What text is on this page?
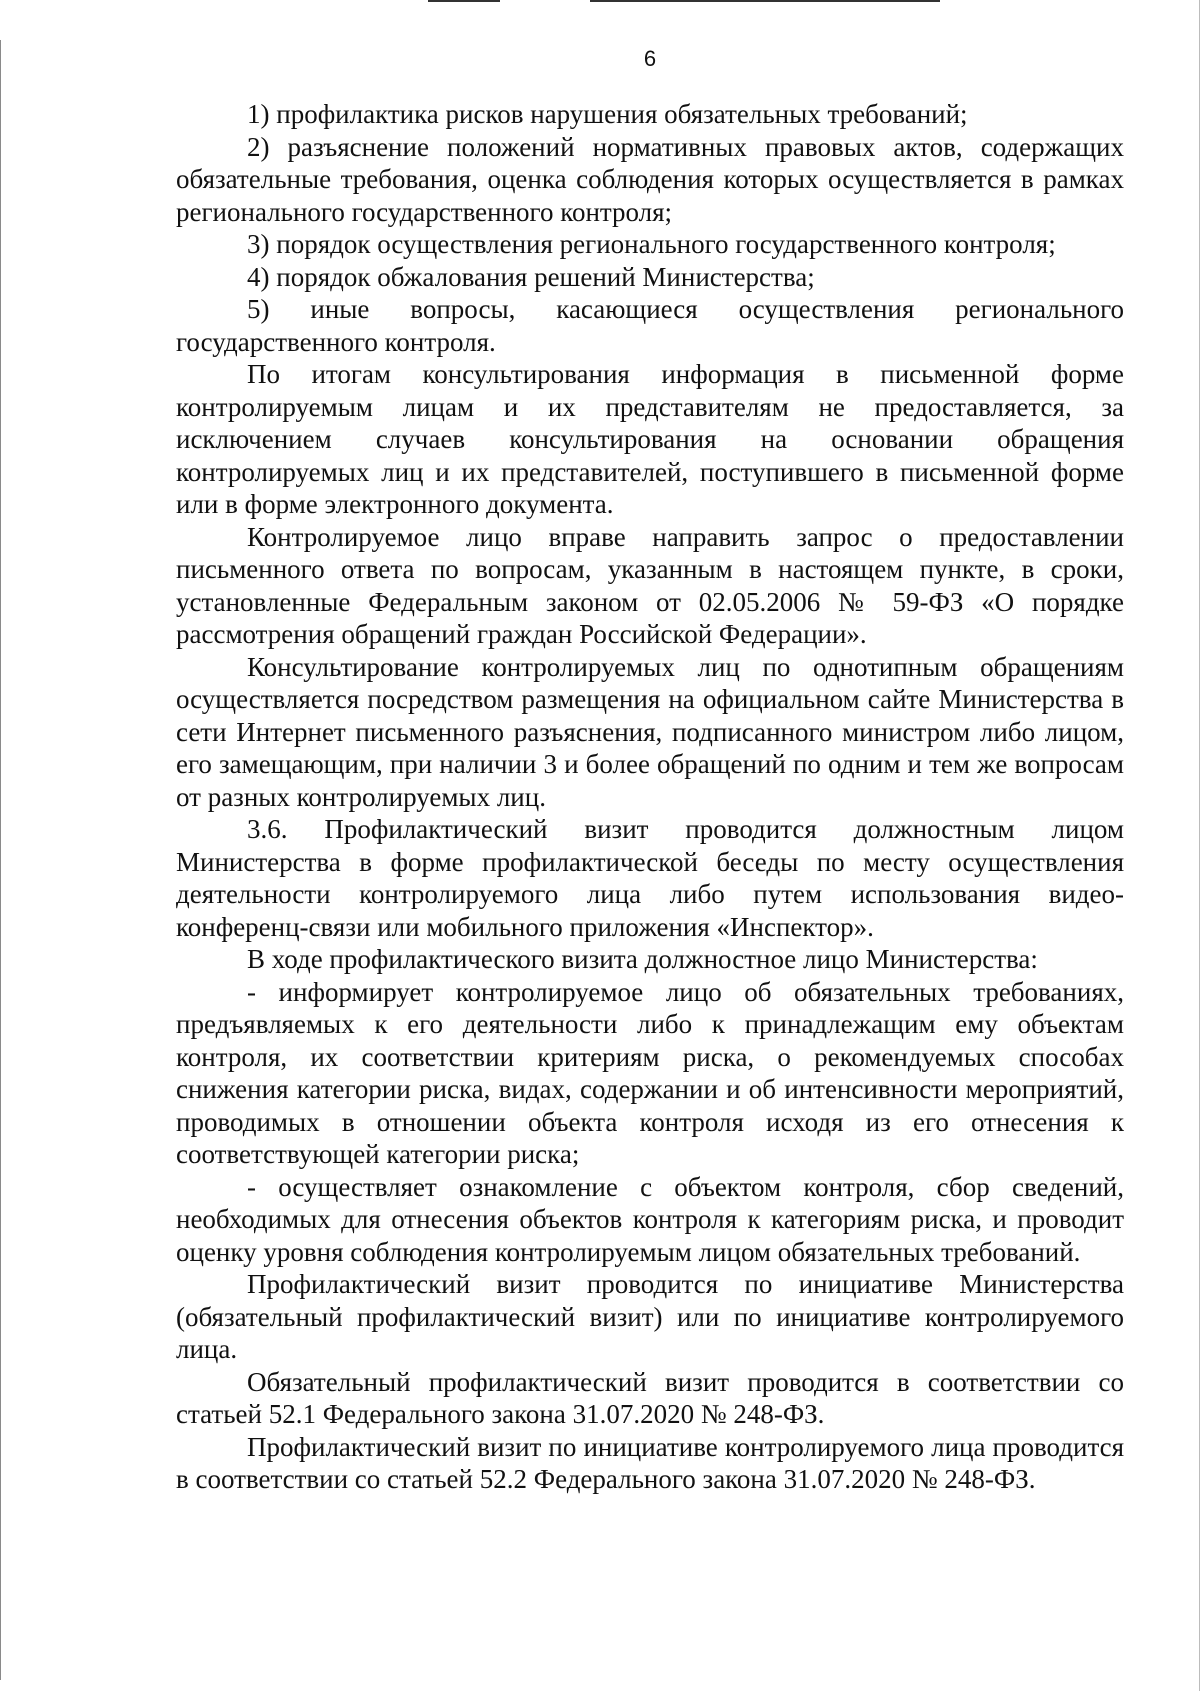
6

1) профилактика рисков нарушения обязательных требований;

2) разъяснение положений нормативных правовых актов, содержащих обязательные требования, оценка соблюдения которых осуществляется в рамках регионального государственного контроля;

3) порядок осуществления регионального государственного контроля;

4) порядок обжалования решений Министерства;

5) иные вопросы, касающиеся осуществления регионального государственного контроля.

По итогам консультирования информация в письменной форме контролируемым лицам и их представителям не предоставляется, за исключением случаев консультирования на основании обращения контролируемых лиц и их представителей, поступившего в письменной форме или в форме электронного документа.

Контролируемое лицо вправе направить запрос о предоставлении письменного ответа по вопросам, указанным в настоящем пункте, в сроки, установленные Федеральным законом от 02.05.2006 № 59-ФЗ «О порядке рассмотрения обращений граждан Российской Федерации».

Консультирование контролируемых лиц по однотипным обращениям осуществляется посредством размещения на официальном сайте Министерства в сети Интернет письменного разъяснения, подписанного министром либо лицом, его замещающим, при наличии 3 и более обращений по одним и тем же вопросам от разных контролируемых лиц.

3.6. Профилактический визит проводится должностным лицом Министерства в форме профилактической беседы по месту осуществления деятельности контролируемого лица либо путем использования видео-конференц-связи или мобильного приложения «Инспектор».

В ходе профилактического визита должностное лицо Министерства:

- информирует контролируемое лицо об обязательных требованиях, предъявляемых к его деятельности либо к принадлежащим ему объектам контроля, их соответствии критериям риска, о рекомендуемых способах снижения категории риска, видах, содержании и об интенсивности мероприятий, проводимых в отношении объекта контроля исходя из его отнесения к соответствующей категории риска;

- осуществляет ознакомление с объектом контроля, сбор сведений, необходимых для отнесения объектов контроля к категориям риска, и проводит оценку уровня соблюдения контролируемым лицом обязательных требований.

Профилактический визит проводится по инициативе Министерства (обязательный профилактический визит) или по инициативе контролируемого лица.

Обязательный профилактический визит проводится в соответствии со статьей 52.1 Федерального закона 31.07.2020 № 248-ФЗ.

Профилактический визит по инициативе контролируемого лица проводится в соответствии со статьей 52.2 Федерального закона 31.07.2020 № 248-ФЗ.
